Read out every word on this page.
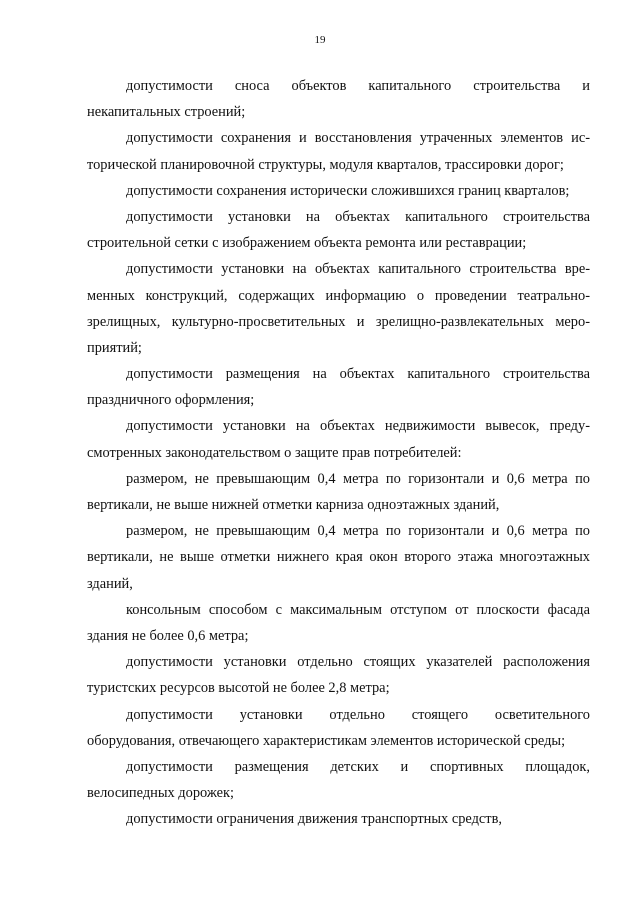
19
допустимости сноса объектов капитального строительства и
некапитальных строений;
допустимости сохранения и восстановления утраченных элементов ис-
торической планировочной структуры, модуля кварталов, трассировки дорог;
допустимости сохранения исторически сложившихся границ кварталов;
допустимости установки на объектах капитального строительства
строительной сетки с изображением объекта ремонта или реставрации;
допустимости установки на объектах капитального строительства вре-
менных конструкций, содержащих информацию о проведении театрально-
зрелищных, культурно-просветительных и зрелищно-развлекательных меро-
приятий;
допустимости размещения на объектах капитального строительства
праздничного оформления;
допустимости установки на объектах недвижимости вывесок, преду-
смотренных законодательством о защите прав потребителей:
размером, не превышающим 0,4 метра по горизонтали и 0,6 метра по
вертикали, не выше нижней отметки карниза одноэтажных зданий,
размером, не превышающим 0,4 метра по горизонтали и 0,6 метра по
вертикали, не выше отметки нижнего края окон второго этажа многоэтажных
зданий,
консольным способом с максимальным отступом от плоскости фасада
здания не более 0,6 метра;
допустимости установки отдельно стоящих указателей расположения
туристских ресурсов высотой не более 2,8 метра;
допустимости установки отдельно стоящего осветительного
оборудования, отвечающего характеристикам элементов исторической среды;
допустимости размещения детских и спортивных площадок,
велосипедных дорожек;
допустимости ограничения движения транспортных средств,
